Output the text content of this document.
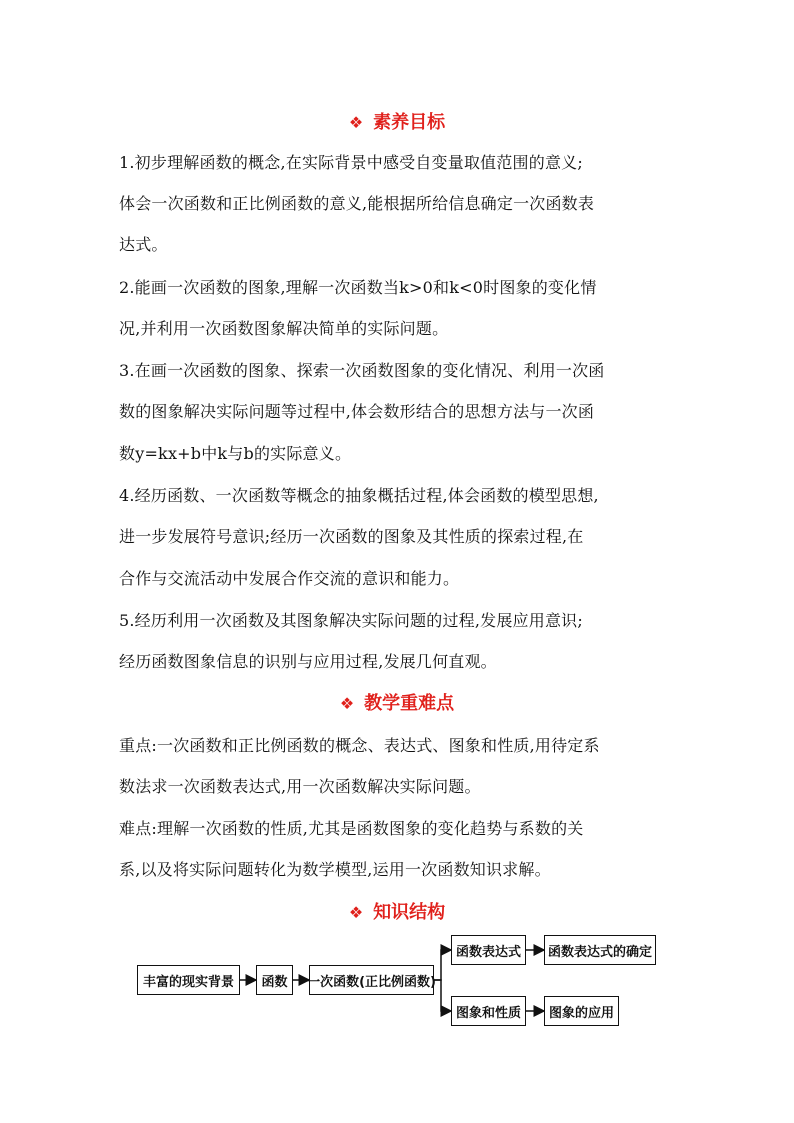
❖ 素养目标
1.初步理解函数的概念,在实际背景中感受自变量取值范围的意义;
体会一次函数和正比例函数的意义,能根据所给信息确定一次函数表
达式。
2.能画一次函数的图象,理解一次函数当k>0和k<0时图象的变化情
况,并利用一次函数图象解决简单的实际问题。
3.在画一次函数的图象、探索一次函数图象的变化情况、利用一次函
数的图象解决实际问题等过程中,体会数形结合的思想方法与一次函
数y=kx+b中k与b的实际意义。
4.经历函数、一次函数等概念的抽象概括过程,体会函数的模型思想,
进一步发展符号意识;经历一次函数的图象及其性质的探索过程,在
合作与交流活动中发展合作交流的意识和能力。
5.经历利用一次函数及其图象解决实际问题的过程,发展应用意识;
经历函数图象信息的识别与应用过程,发展几何直观。
❖ 教学重难点
重点:一次函数和正比例函数的概念、表达式、图象和性质,用待定系
数法求一次函数表达式,用一次函数解决实际问题。
难点:理解一次函数的性质,尤其是函数图象的变化趋势与系数的关
系,以及将实际问题转化为数学模型,运用一次函数知识求解。
❖ 知识结构
丰富的现实背景	函数	一次函数(正比例函数)
函数表达式	函数表达式的确定
图象和性质	图象的应用
